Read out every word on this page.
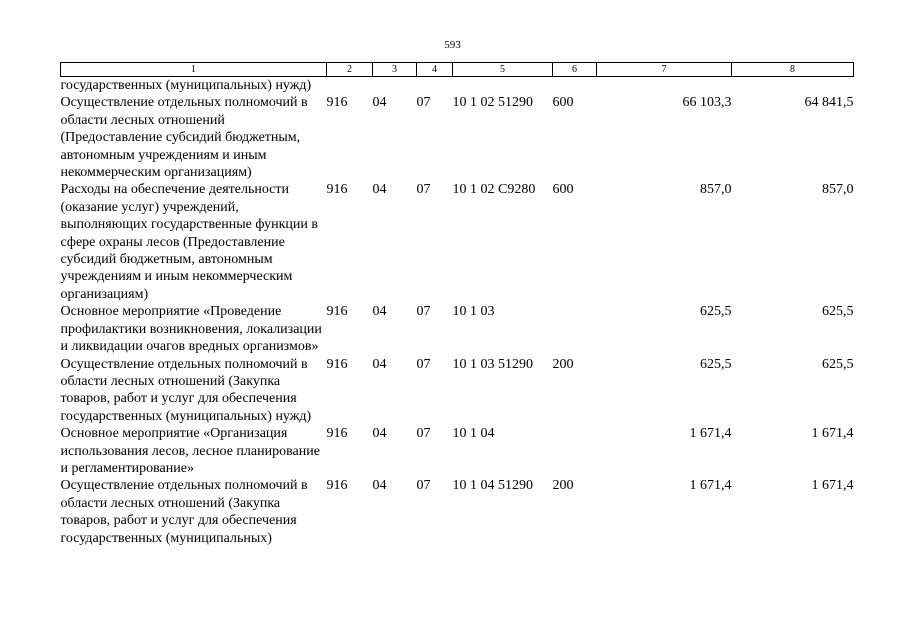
593
1	2	3	4	5	6	7	8
государственных (муниципальных) нужд)							
Осуществление отдельных полномочий в области лесных отношений (Предоставление субсидий бюджетным, автономным учреждениям и иным некоммерческим организациям)	916	04	07	10 1 02 51290	600	66 103,3	64 841,5
Расходы на обеспечение деятельности (оказание услуг) учреждений, выполняющих государственные функции в сфере охраны лесов (Предоставление субсидий бюджетным, автономным учреждениям и иным некоммерческим организациям)	916	04	07	10 1 02 С9280	600	857,0	857,0
Основное мероприятие «Проведение профилактики возникновения, локализации и ликвидации очагов вредных организмов»	916	04	07	10 1 03		625,5	625,5
Осуществление отдельных полномочий в области лесных отношений (Закупка товаров, работ и услуг для обеспечения государственных (муниципальных) нужд)	916	04	07	10 1 03 51290	200	625,5	625,5
Основное мероприятие «Организация использования лесов, лесное планирование и регламентирование»	916	04	07	10 1 04		1 671,4	1 671,4
Осуществление отдельных полномочий в области лесных отношений (Закупка товаров, работ и услуг для обеспечения государственных (муниципальных)	916	04	07	10 1 04 51290	200	1 671,4	1 671,4
